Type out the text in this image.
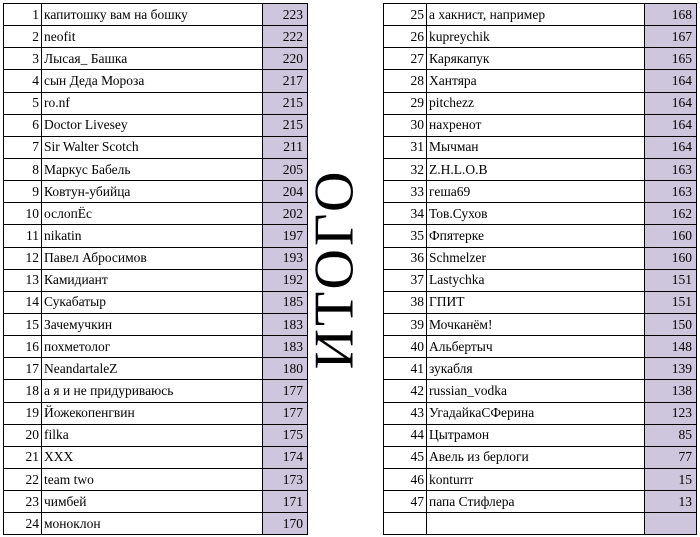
1	капитошку вам на бошку	223
2	neofit	222
3	Лысая_ Башка	220
4	сын Деда Мороза	217
5	ro.nf	215
6	Doctor Livesey	215
7	Sir Walter Scotch	211
8	Маркус Бабель	205
9	Ковтун-убийца	204
10	ослопЁс	202
11	nikatin	197
12	Павел Абросимов	193
13	Камидиант	192
14	Сукабатыр	185
15	Зачемучкин	183
16	похметолог	183
17	NeandartaleZ	180
18	а я и не придуриваюсь	177
19	Йожекопенгвин	177
20	filka	175
21	XXX	174
22	team two	173
23	чимбей	171
24	моноклон	170
ИТОГО
25	а хакнист, например	168
26	kupreychik	167
27	Карякапук	165
28	Хантяра	164
29	pitchezz	164
30	нахренот	164
31	Мычман	164
32	Z.H.L.O.B	163
33	геша69	163
34	Тов.Сухов	162
35	Фпятерке	160
36	Schmelzer	160
37	Lastychka	151
38	ГПИТ	151
39	Мочканём!	150
40	Альбертыч	148
41	зукабля	139
42	russian_vodka	138
43	УгадайкаСФерина	123
44	Цытрамон	85
45	Авель из берлоги	77
46	konturrr	15
47	папа Стифлера	13
